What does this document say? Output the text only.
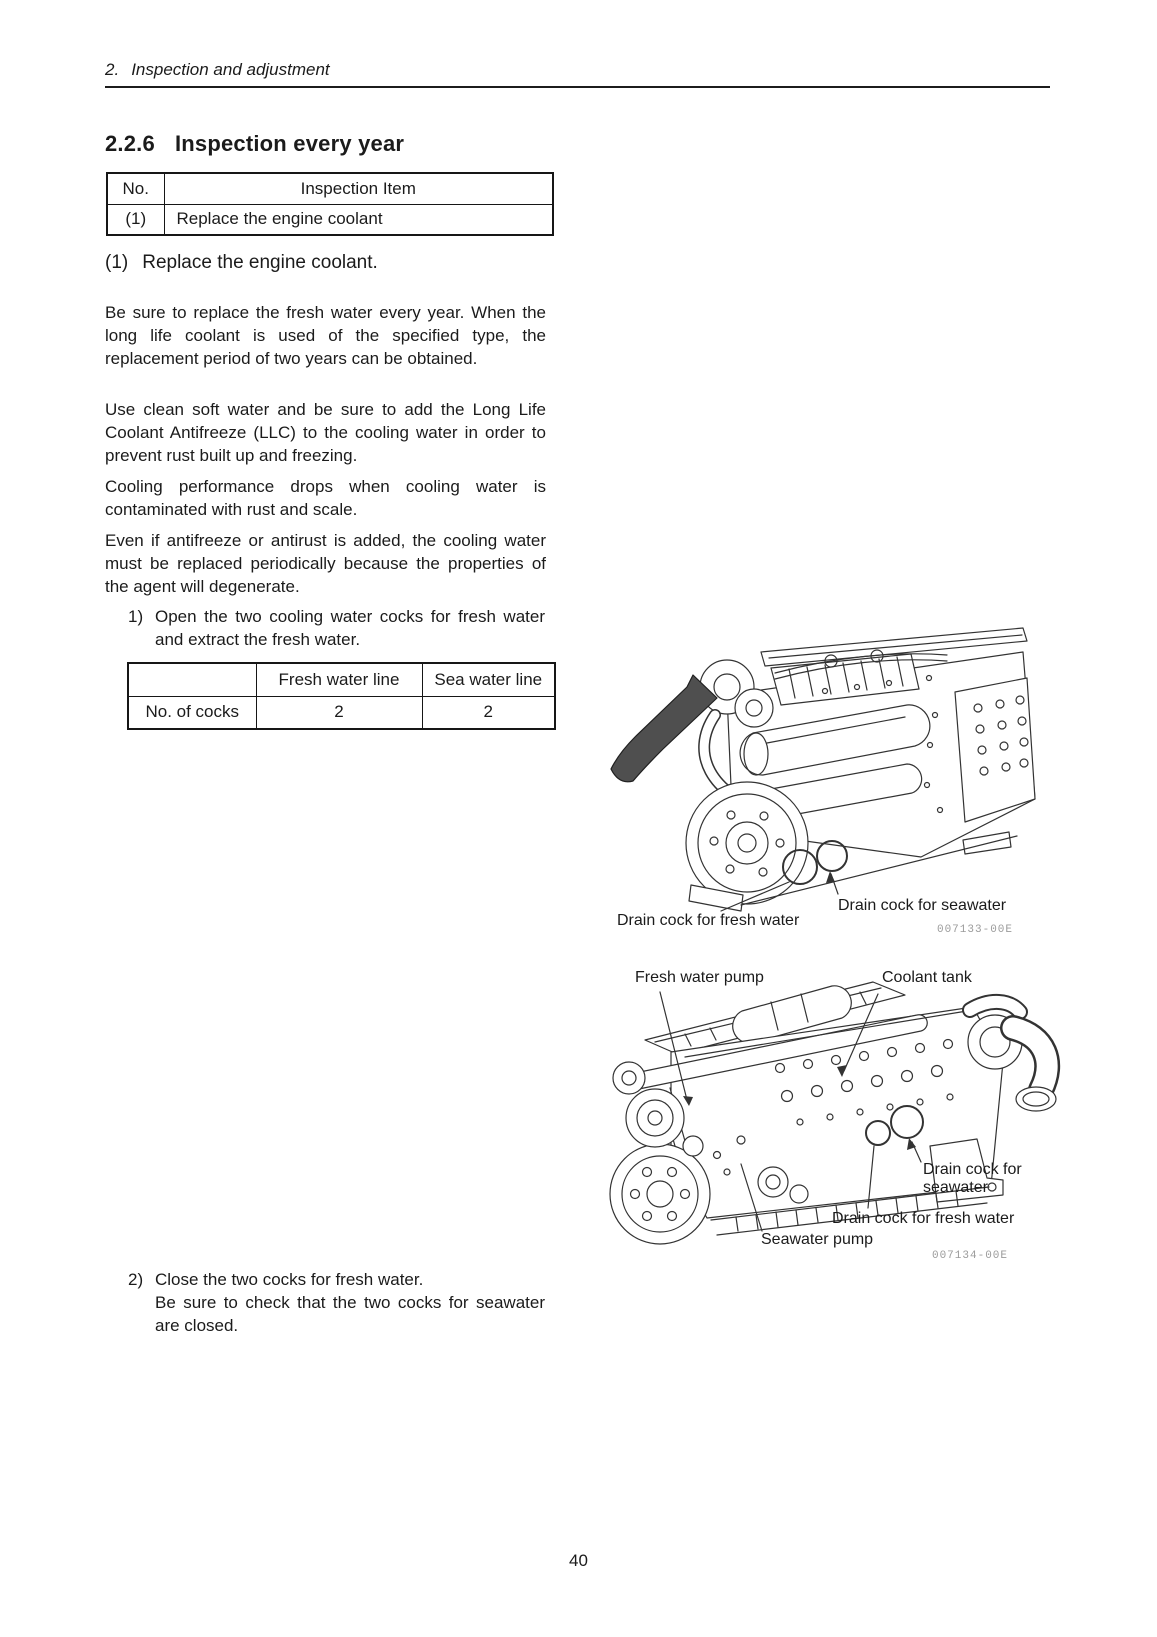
2. Inspection and adjustment
2.2.6 Inspection every year
No.	Inspection Item
(1)	Replace the engine coolant
(1) Replace the engine coolant.
Be sure to replace the fresh water every year. When the long life coolant is used of the specified type, the replacement period of two years can be obtained.
Use clean soft water and be sure to add the Long Life Coolant Antifreeze (LLC) to the cooling water in order to prevent rust built up and freezing.
Cooling performance drops when cooling water is contaminated with rust and scale.
Even if antifreeze or antirust is added, the cooling water must be replaced periodically because the properties of the agent will degenerate.
1) Open the two cooling water cocks for fresh water and extract the fresh water.
	Fresh water line	Sea water line
No. of cocks	2	2
Drain cock for fresh water
Drain cock for seawater
007133-00E
Fresh water pump	Coolant tank
Drain cock for seawater
Drain cock for fresh water
Seawater pump
007134-00E
2) Close the two cocks for fresh water.
Be sure to check that the two cocks for seawater are closed.
40
